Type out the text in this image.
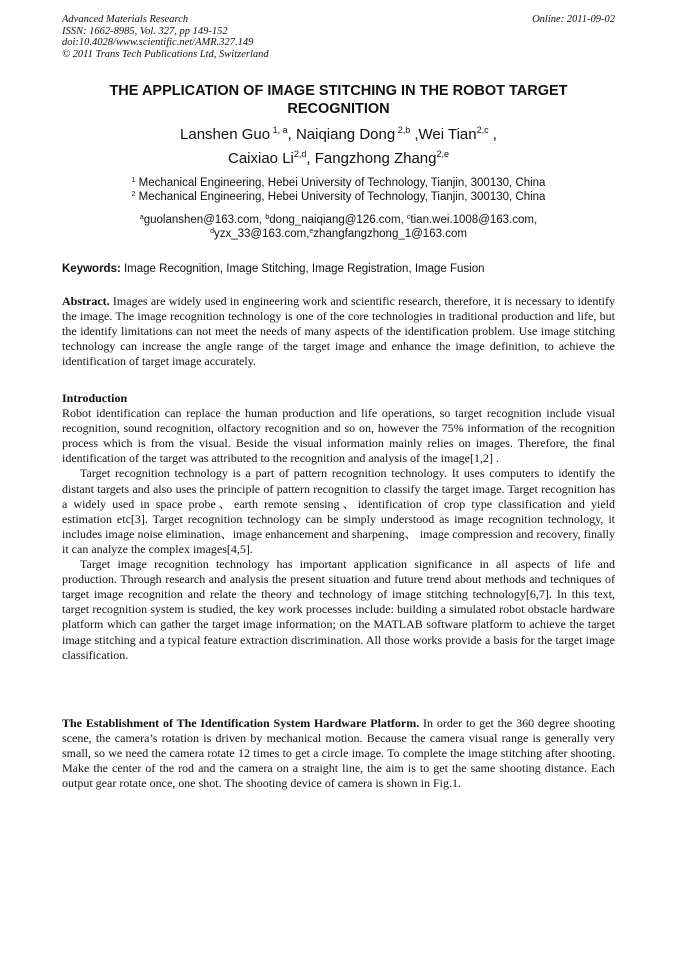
Advanced Materials Research
ISSN: 1662-8985, Vol. 327, pp 149-152
doi:10.4028/www.scientific.net/AMR.327.149
© 2011 Trans Tech Publications Ltd, Switzerland
Online: 2011-09-02
THE APPLICATION OF IMAGE STITCHING IN THE ROBOT TARGET
RECOGNITION
Lanshen Guo $^{1, a}$, Naiqiang Dong $^{2,b}$ ,Wei Tian$^{2,c}$ ,
Caixiao Li$^{2,d}$, Fangzhong Zhang$^{2,e}$
$^1$ Mechanical Engineering, Hebei University of Technology, Tianjin, 300130, China
$^2$ Mechanical Engineering, Hebei University of Technology, Tianjin, 300130, China
$^a$guolanshen@163.com, $^b$dong_naiqiang@126.com, $^c$tian.wei.1008@163.com,
$^d$yzx_33@163.com,$^e$zhangfangzhong_1@163.com
Keywords: Image Recognition, Image Stitching, Image Registration, Image Fusion

Abstract. Images are widely used in engineering work and scientific research, therefore, it is necessary to identify the image. The image recognition technology is one of the core technologies in traditional production and life, but the identify limitations can not meet the needs of many aspects of the identification problem. Use image stitching technology can increase the angle range of the target image and enhance the image definition, to achieve the identification of target image accurately.

Introduction

Robot identification can replace the human production and life operations, so target recognition include visual recognition, sound recognition, olfactory recognition and so on, however the 75% information of the recognition process which is from the visual. Beside the visual information mainly relies on images. Therefore, the final identification of the target was attributed to the recognition and analysis of the image[1,2] .

Target recognition technology is a part of pattern recognition technology. It uses computers to identify the distant targets and also uses the principle of pattern recognition to classify the target image. Target recognition has a widely used in space probe、earth remote sensing、identification of crop type classification and yield estimation etc[3]. Target recognition technology can be simply understood as image recognition technology, it includes image noise elimination、image enhancement and sharpening、 image compression and recovery, finally it can analyze the complex images[4,5].

Target image recognition technology has important application significance in all aspects of life and production. Through research and analysis the present situation and future trend about methods and techniques of target image recognition and relate the theory and technology of image stitching technology[6,7]. In this text, target recognition system is studied, the key work processes include: building a simulated robot obstacle hardware platform which can gather the target image information; on the MATLAB software platform to achieve the target image stitching and a typical feature extraction discrimination. All those works provide a basis for the target image classification.

The Establishment of The Identification System Hardware Platform. In order to get the 360 degree shooting scene, the camera’s rotation is driven by mechanical motion. Because the camera visual range is generally very small, so we need the camera rotate 12 times to get a circle image. To complete the image stitching after shooting. Make the center of the rod and the camera on a straight line, the aim is to get the same shooting distance. Each output gear rotate once, one shot. The shooting device of camera is shown in Fig.1.
